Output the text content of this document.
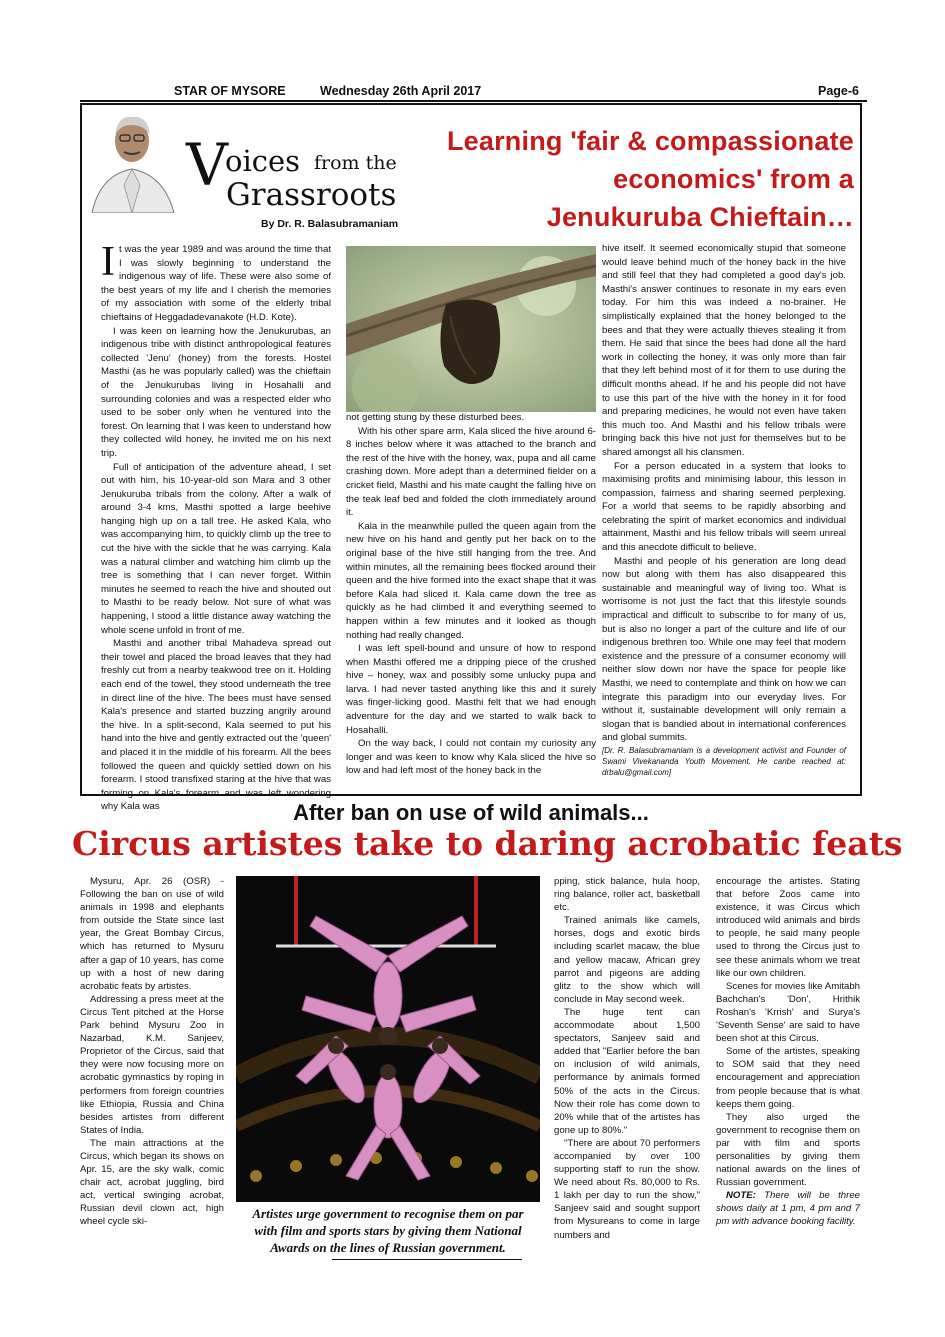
STAR OF MYSORE	Wednesday 26th April 2017	Page-6
V
oices from the
Grassroots
By Dr. R. Balasubramaniam
Learning 'fair & compassionate
economics' from a
Jenukuruba Chieftain…
I t was the year 1989 and was around the time that I was slowly beginning to understand the indigenous way of life. These were also some of the best years of my life and I cherish the memories of my association with some of the elderly tribal chieftains of Heggadadevanakote (H.D. Kote).

I was keen on learning how the Jenukurubas, an indigenous tribe with distinct anthropological features collected 'Jenu' (honey) from the forests. Hostel Masthi (as he was popularly called) was the chieftain of the Jenukurubas living in Hosahalli and surrounding colonies and was a respected elder who used to be sober only when he ventured into the forest. On learning that I was keen to understand how they collected wild honey, he invited me on his next trip.

Full of anticipation of the adventure ahead, I set out with him, his 10-year-old son Mara and 3 other Jenukuruba tribals from the colony. After a walk of around 3-4 kms, Masthi spotted a large beehive hanging high up on a tall tree. He asked Kala, who was accompanying him, to quickly climb up the tree to cut the hive with the sickle that he was carrying. Kala was a natural climber and watching him climb up the tree is something that I can never forget. Within minutes he seemed to reach the hive and shouted out to Masthi to be ready below. Not sure of what was happening, I stood a little distance away watching the whole scene unfold in front of me.

Masthi and another tribal Mahadeva spread out their towel and placed the broad leaves that they had freshly cut from a nearby teakwood tree on it. Holding each end of the towel, they stood underneath the tree in direct line of the hive. The bees must have sensed Kala's presence and started buzzing angrily around the hive. In a split-second, Kala seemed to put his hand into the hive and gently extracted out the 'queen' and placed it in the middle of his forearm. All the bees followed the queen and quickly settled down on his forearm. I stood transfixed staring at the hive that was forming on Kala's forearm and was left wondering why Kala was

not getting stung by these disturbed bees.

With his other spare arm, Kala sliced the hive around 6-8 inches below where it was attached to the branch and the rest of the hive with the honey, wax, pupa and all came crashing down. More adept than a determined fielder on a cricket field, Masthi and his mate caught the falling hive on the teak leaf bed and folded the cloth immediately around it.

Kala in the meanwhile pulled the queen again from the new hive on his hand and gently put her back on to the original base of the hive still hanging from the tree. And within minutes, all the remaining bees flocked around their queen and the hive formed into the exact shape that it was before Kala had sliced it. Kala came down the tree as quickly as he had climbed it and everything seemed to happen within a few minutes and it looked as though nothing had really changed.

I was left spell-bound and unsure of how to respond when Masthi offered me a dripping piece of the crushed hive – honey, wax and possibly some unlucky pupa and larva. I had never tasted anything like this and it surely was finger-licking good. Masthi felt that we had enough adventure for the day and we started to walk back to Hosahalli.

On the way back, I could not contain my curiosity any longer and was keen to know why Kala sliced the hive so low and had left most of the honey back in the

hive itself. It seemed economically stupid that someone would leave behind much of the honey back in the hive and still feel that they had completed a good day's job. Masthi's answer continues to resonate in my ears even today. For him this was indeed a no-brainer. He simplistically explained that the honey belonged to the bees and that they were actually thieves stealing it from them. He said that since the bees had done all the hard work in collecting the honey, it was only more than fair that they left behind most of it for them to use during the difficult months ahead. If he and his people did not have to use this part of the hive with the honey in it for food and preparing medicines, he would not even have taken this much too. And Masthi and his fellow tribals were bringing back this hive not just for themselves but to be shared amongst all his clansmen.

For a person educated in a system that looks to maximising profits and minimising labour, this lesson in compassion, fairness and sharing seemed perplexing. For a world that seems to be rapidly absorbing and celebrating the spirit of market economics and individual attainment, Masthi and his fellow tribals will seem unreal and this anecdote difficult to believe.

Masthi and people of his generation are long dead now but along with them has also disappeared this sustainable and meaningful way of living too. What is worrisome is not just the fact that this lifestyle sounds impractical and difficult to subscribe to for many of us, but is also no longer a part of the culture and life of our indigenous brethren too. While one may feel that modern existence and the pressure of a consumer economy will neither slow down nor have the space for people like Masthi, we need to contemplate and think on how we can integrate this paradigm into our everyday lives. For without it, sustainable development will only remain a slogan that is bandied about in international conferences and global summits.

[Dr. R. Balasubramaniam is a development activist and Founder of Swami Vivekananda Youth Movement. He canbe reached at: drbalu@gmail.com]

After ban on use of wild animals...
Circus artistes take to daring acrobatic feats

Mysuru, Apr. 26 (OSR) - Following the ban on use of wild animals in 1998 and elephants from outside the State since last year, the Great Bombay Circus, which has returned to Mysuru after a gap of 10 years, has come up with a host of new daring acrobatic feats by artistes.

Addressing a press meet at the Circus Tent pitched at the Horse Park behind Mysuru Zoo in Nazarbad, K.M. Sanjeev, Proprietor of the Circus, said that they were now focusing more on acrobatic gymnastics by roping in performers from foreign countries like Ethiopia, Russia and China besides artistes from different States of India.

The main attractions at the Circus, which began its shows on Apr. 15, are the sky walk, comic chair act, acrobat juggling, bird act, vertical swinging acrobat, Russian devil clown act, high wheel cycle ski-

Artistes urge government to recognise them on par
with film and sports stars by giving them National
Awards on the lines of Russian government.

pping, stick balance, hula hoop, ring balance, roller act, basketball etc.

Trained animals like camels, horses, dogs and exotic birds including scarlet macaw, the blue and yellow macaw, African grey parrot and pigeons are adding glitz to the show which will conclude in May second week.

The huge tent can accommodate about 1,500 spectators, Sanjeev said and added that "Earlier before the ban on inclusion of wild animals, performance by animals formed 50% of the acts in the Circus. Now their role has come down to 20% while that of the artistes has gone up to 80%."

"There are about 70 performers accompanied by over 100 supporting staff to run the show. We need about Rs. 80,000 to Rs. 1 lakh per day to run the show," Sanjeev said and sought support from Mysureans to come in large numbers and

encourage the artistes. Stating that before Zoos came into existence, it was Circus which introduced wild animals and birds to people, he said many people used to throng the Circus just to see these animals whom we treat like our own children.

Scenes for movies like Amitabh Bachchan's 'Don', Hrithik Roshan's 'Krrish' and Surya's 'Seventh Sense' are said to have been shot at this Circus.

Some of the artistes, speaking to SOM said that they need encouragement and appreciation from people because that is what keeps them going.

They also urged the government to recognise them on par with film and sports personalities by giving them national awards on the lines of Russian government.

NOTE: There will be three shows daily at 1 pm, 4 pm and 7 pm with advance booking facility.
